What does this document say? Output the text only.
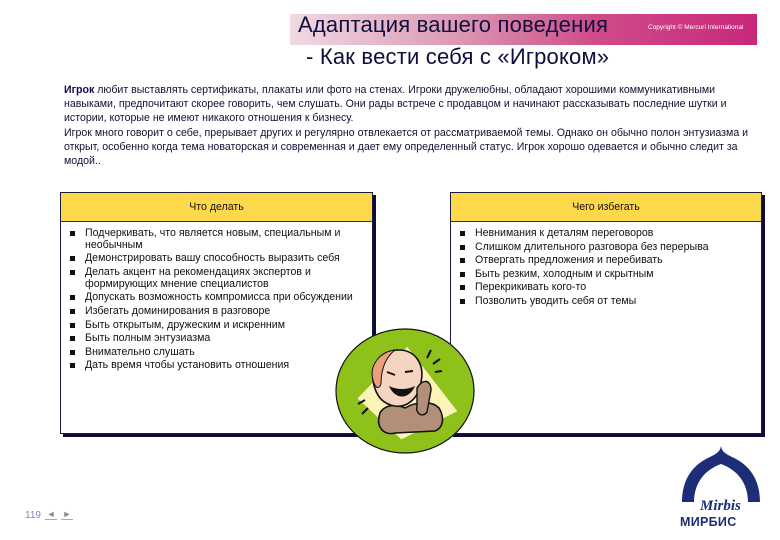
Адаптация вашего поведения
- Как вести себя с «Игроком»
Copyright © Mercuri International

Игрок любит выставлять сертификаты, плакаты или фото на стенах. Игроки дружелюбны, обладают хорошими коммуникативными навыками, предпочитают скорее говорить, чем слушать. Они рады встрече с продавцом и начинают рассказывать последние шутки и истории, которые не имеют никакого отношения к бизнесу.

Игрок много говорит о себе, прерывает других и регулярно отвлекается от рассматриваемой темы. Однако он обычно полон энтузиазма и открыт, особенно когда тема новаторская и современная и дает ему определенный статус. Игрок хорошо одевается и обычно следит за модой..

Что делать
Подчеркивать, что является новым, специальным и необычным
Демонстрировать вашу способность выразить себя
Делать акцент на рекомендациях экспертов и формирующих мнение специалистов
Допускать возможность компромисса при обсуждении
Избегать доминирования в разговоре
Быть открытым, дружеским и искренним
Быть полным энтузиазма
Внимательно слушать
Дать время чтобы установить отношения
Чего избегать
Невнимания к деталям переговоров
Слишком длительного разговора без перерыва
Отвергать предложения и перебивать
Быть резким, холодным и скрытным
Перекрикивать кого-то
Позволить уводить себя от темы
119 ◄ ►	Mirbis
МИРБИС
